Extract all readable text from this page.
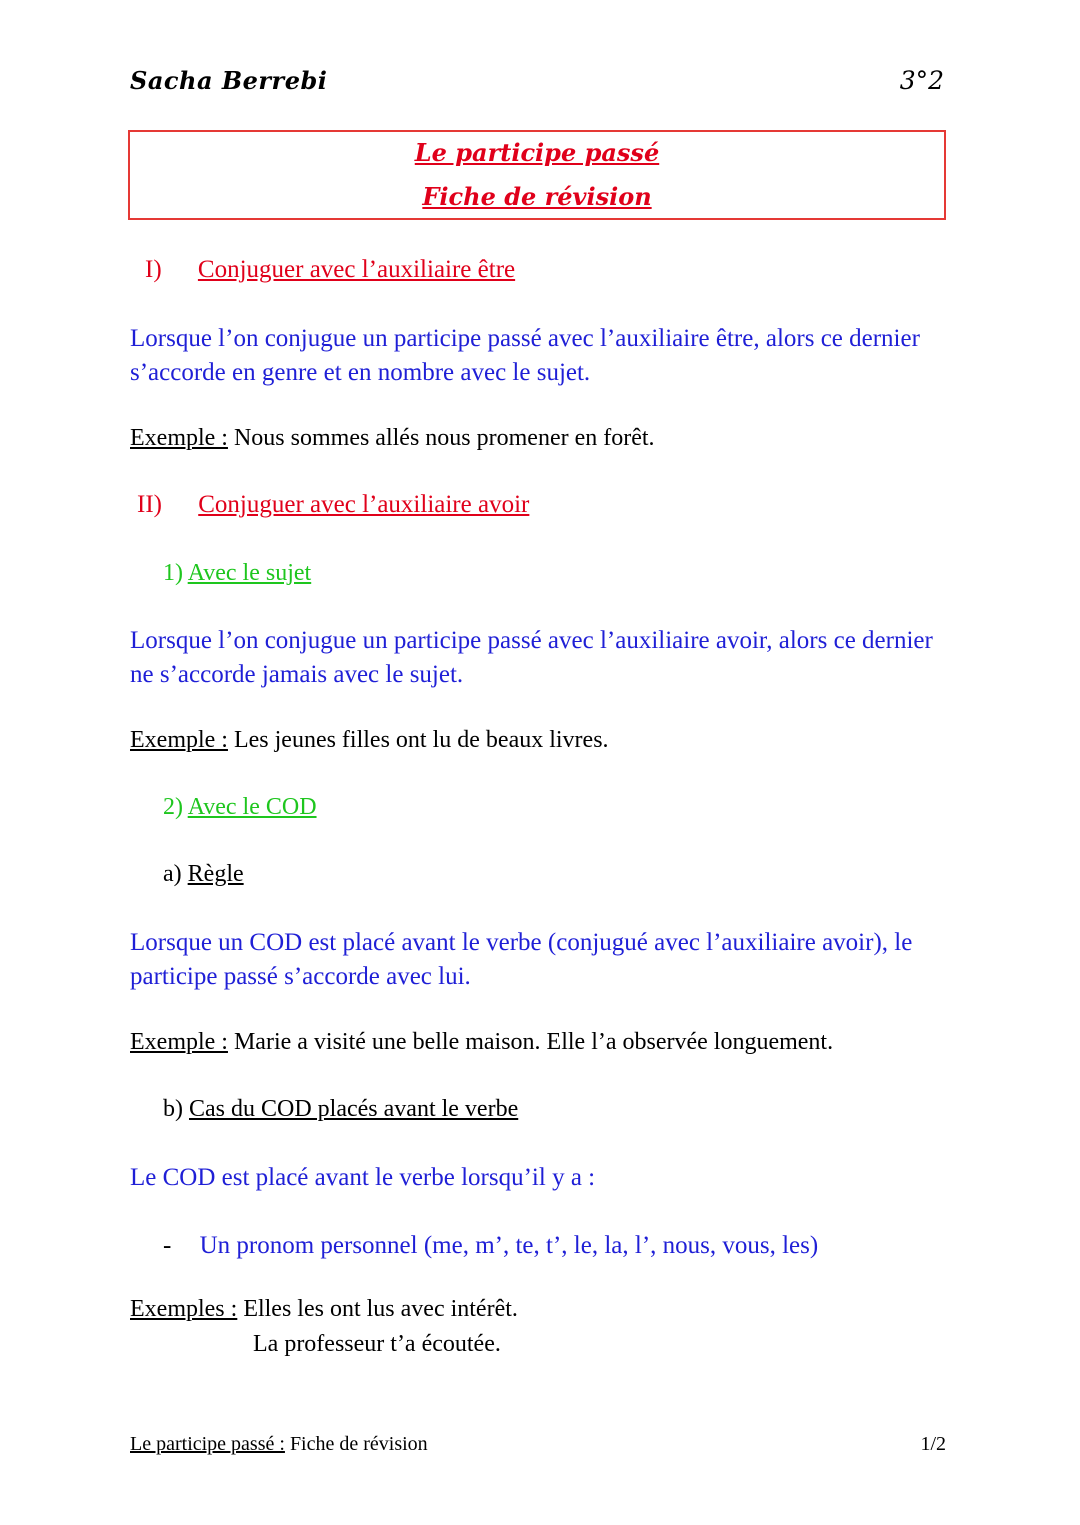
Sacha Berrebi	3°2
Le participe passé
Fiche de révision
I) Conjuguer avec l’auxiliaire être
Lorsque l’on conjugue un participe passé avec l’auxiliaire être, alors ce dernier
s’accorde en genre et en nombre avec le sujet.
Exemple : Nous sommes allés nous promener en forêt.
II) Conjuguer avec l’auxiliaire avoir
1) Avec le sujet
Lorsque l’on conjugue un participe passé avec l’auxiliaire avoir, alors ce dernier
ne s’accorde jamais avec le sujet.
Exemple : Les jeunes filles ont lu de beaux livres.
2) Avec le COD
a) Règle
Lorsque un COD est placé avant le verbe (conjugué avec l’auxiliaire avoir), le
participe passé s’accorde avec lui.
Exemple : Marie a visité une belle maison. Elle l’a observée longuement.
b) Cas du COD placés avant le verbe
Le COD est placé avant le verbe lorsqu’il y a :
- Un pronom personnel (me, m’, te, t’, le, la, l’, nous, vous, les)
Exemples : Elles les ont lus avec intérêt.
La professeur t’a écoutée.
Le participe passé : Fiche de révision	1/2
